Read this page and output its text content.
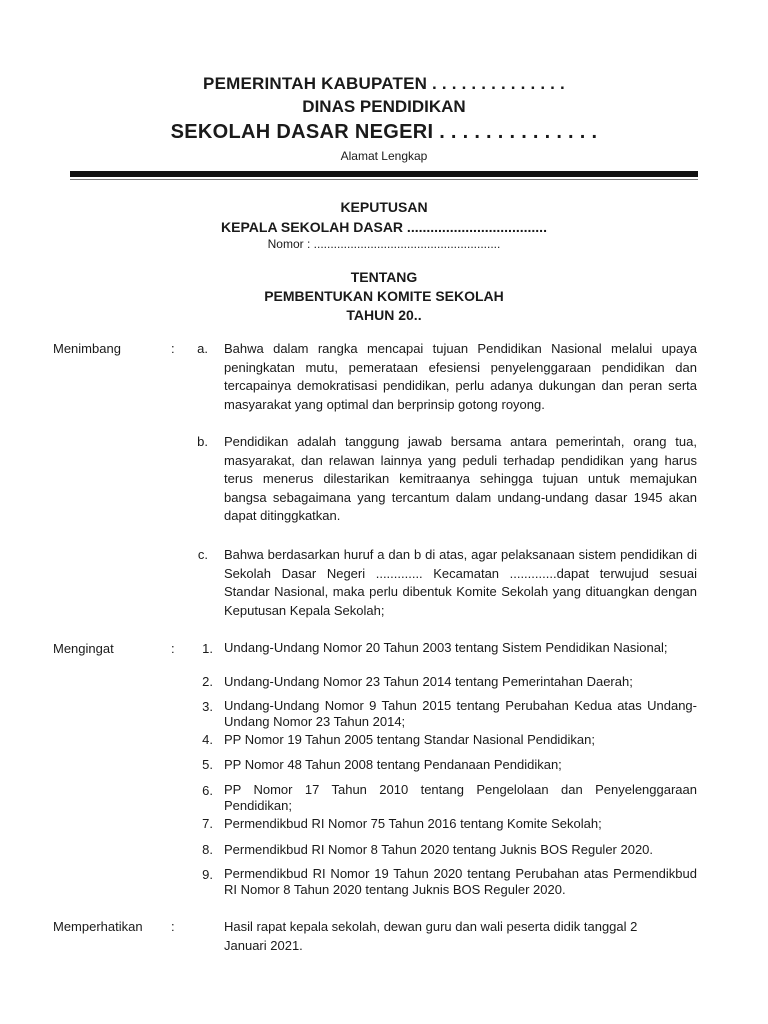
PEMERINTAH KABUPATEN . . . . . . . . . . . . . .
DINAS PENDIDIKAN
SEKOLAH DASAR NEGERI . . . . . . . . . . . . . .
Alamat Lengkap
KEPUTUSAN
KEPALA SEKOLAH DASAR ....................................
Nomor : ........................................................
TENTANG
PEMBENTUKAN KOMITE SEKOLAH
TAHUN 20..
Menimbang	:	a. Bahwa dalam rangka mencapai tujuan Pendidikan Nasional melalui upaya peningkatan mutu, pemerataan efesiensi penyelenggaraan pendidikan dan tercapainya demokratisasi pendidikan, perlu adanya dukungan dan peran serta masyarakat yang optimal dan berprinsip gotong royong.
b. Pendidikan adalah tanggung jawab bersama antara pemerintah, orang tua, masyarakat, dan relawan lainnya yang peduli terhadap pendidikan yang harus terus menerus dilestarikan kemitraanya sehingga tujuan untuk memajukan bangsa sebagaimana yang tercantum dalam undang-undang dasar 1945 akan dapat ditinggkatkan.
c. Bahwa berdasarkan huruf a dan b di atas, agar pelaksanaan sistem pendidikan di Sekolah Dasar Negeri ............. Kecamatan .............dapat terwujud sesuai Standar Nasional, maka perlu dibentuk Komite Sekolah yang dituangkan dengan Keputusan Kepala Sekolah;
Mengingat	:	1. Undang-Undang Nomor 20 Tahun 2003 tentang Sistem Pendidikan Nasional;
2. Undang-Undang Nomor 23 Tahun 2014 tentang Pemerintahan Daerah;
3. Undang-Undang Nomor 9 Tahun 2015 tentang Perubahan Kedua atas Undang-Undang Nomor 23 Tahun 2014;
4. PP Nomor 19 Tahun 2005 tentang Standar Nasional Pendidikan;
5. PP Nomor 48 Tahun 2008 tentang Pendanaan Pendidikan;
6. PP Nomor 17 Tahun 2010 tentang Pengelolaan dan Penyelenggaraan Pendidikan;
7. Permendikbud RI Nomor 75 Tahun 2016 tentang Komite Sekolah;
8. Permendikbud RI Nomor 8 Tahun 2020 tentang Juknis BOS Reguler 2020.
9. Permendikbud RI Nomor 19 Tahun 2020 tentang Perubahan atas Permendikbud RI Nomor 8 Tahun 2020 tentang Juknis BOS Reguler 2020.
Memperhatikan :	Hasil rapat kepala sekolah, dewan guru dan wali peserta didik tanggal 2 Januari 2021.
